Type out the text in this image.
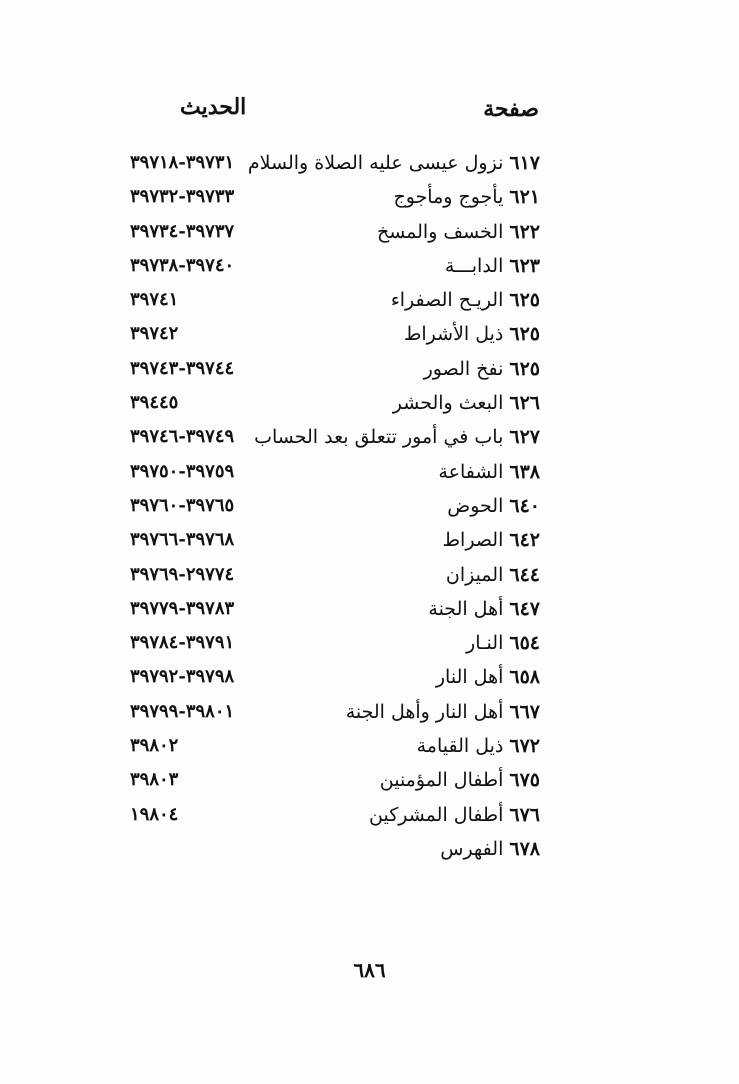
صفحة
الحديث
٦١٧نزول عيسى عليه الصلاة والسلام
٣٩٧٣١-٣٩٧١٨
٦٢١يأجوج ومأجوج
٣٩٧٣٣-٣٩٧٣٢
٦٢٢الخسف والمسخ
٣٩٧٣٧-٣٩٧٣٤
٦٢٣الدابـــة
٣٩٧٤٠-٣٩٧٣٨
٦٢٥الريـح الصفراء
٣٩٧٤١
٦٢٥ذيل الأشراط
٣٩٧٤٢
٦٢٥نفخ الصور
٣٩٧٤٤-٣٩٧٤٣
٦٢٦البعث والحشر
٣٩٤٤٥
٦٢٧باب في أمور تتعلق بعد الحساب
٣٩٧٤٩-٣٩٧٤٦
٦٣٨الشفاعة
٣٩٧٥٩-٣٩٧٥٠
٦٤٠الحوض
٣٩٧٦٥-٣٩٧٦٠
٦٤٢الصراط
٣٩٧٦٨-٣٩٧٦٦
٦٤٤الميزان
٢٩٧٧٤-٣٩٧٦٩
٦٤٧أهل الجنة
٣٩٧٨٣-٣٩٧٧٩
٦٥٤النـار
٣٩٧٩١-٣٩٧٨٤
٦٥٨أهل النار
٣٩٧٩٨-٣٩٧٩٢
٦٦٧أهل النار وأهل الجنة
٣٩٨٠١-٣٩٧٩٩
٦٧٢ذيل القيامة
٣٩٨٠٢
٦٧٥أطفال المؤمنين
٣٩٨٠٣
٦٧٦أطفال المشركين
١٩٨٠٤
٦٧٨الفهرس
٦٨٦
